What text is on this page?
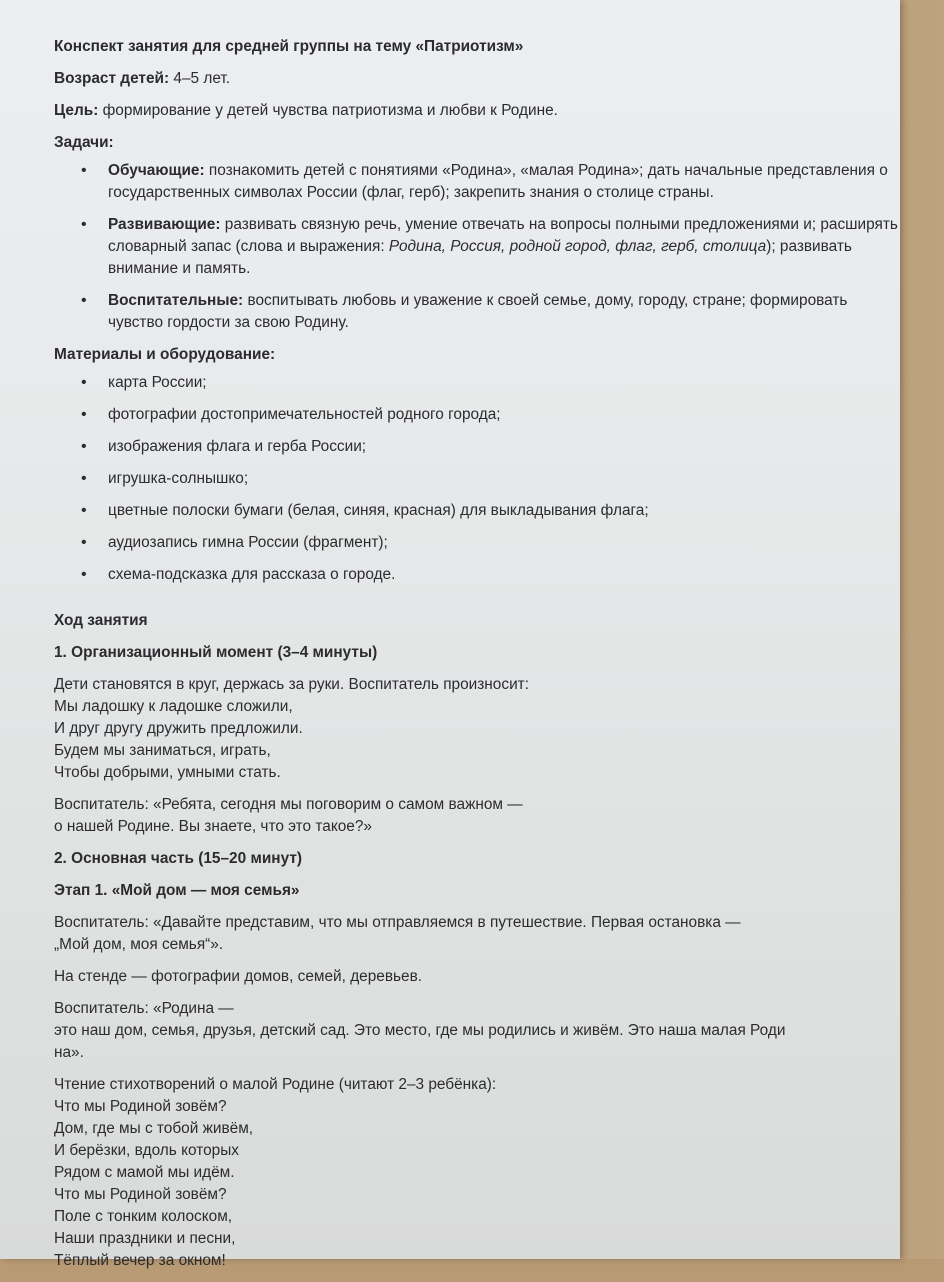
Конспект занятия для средней группы на тему «Патриотизм»
Возраст детей: 4–5 лет.
Цель: формирование у детей чувства патриотизма и любви к Родине.
Задачи:
• Обучающие: познакомить детей с понятиями «Родина», «малая Родина»; дать начальные представления о государственных символах России (флаг, герб); закрепить знания о столице страны.
• Развивающие: развивать связную речь, умение отвечать на вопросы полными предложениями и; расширять словарный запас (слова и выражения: Родина, Россия, родной город, флаг, герб, столица); развивать внимание и память.
• Воспитательные: воспитывать любовь и уважение к своей семье, дому, городу, стране; формировать чувство гордости за свою Родину.
Материалы и оборудование:
• карта России;
• фотографии достопримечательностей родного города;
• изображения флага и герба России;
• игрушка-солнышко;
• цветные полоски бумаги (белая, синяя, красная) для выкладывания флага;
• аудиозапись гимна России (фрагмент);
• схема-подсказка для рассказа о городе.
Ход занятия
1. Организационный момент (3–4 минуты)
Дети становятся в круг, держась за руки. Воспитатель произносит:
Мы ладошку к ладошке сложили,
И друг другу дружить предложили.
Будем мы заниматься, играть,
Чтобы добрыми, умными стать.
Воспитатель: «Ребята, сегодня мы поговорим о самом важном —
о нашей Родине. Вы знаете, что это такое?»
2. Основная часть (15–20 минут)
Этап 1. «Мой дом — моя семья»
Воспитатель: «Давайте представим, что мы отправляемся в путешествие. Первая остановка —
„Мой дом, моя семья“».
На стенде — фотографии домов, семей, деревьев.
Воспитатель: «Родина —
это наш дом, семья, друзья, детский сад. Это место, где мы родились и живём. Это наша малая Роди
на».
Чтение стихотворений о малой Родине (читают 2–3 ребёнка):
Что мы Родиной зовём?
Дом, где мы с тобой живём,
И берёзки, вдоль которых
Рядом с мамой мы идём.
Что мы Родиной зовём?
Поле с тонким колоском,
Наши праздники и песни,
Тёплый вечер за окном!
